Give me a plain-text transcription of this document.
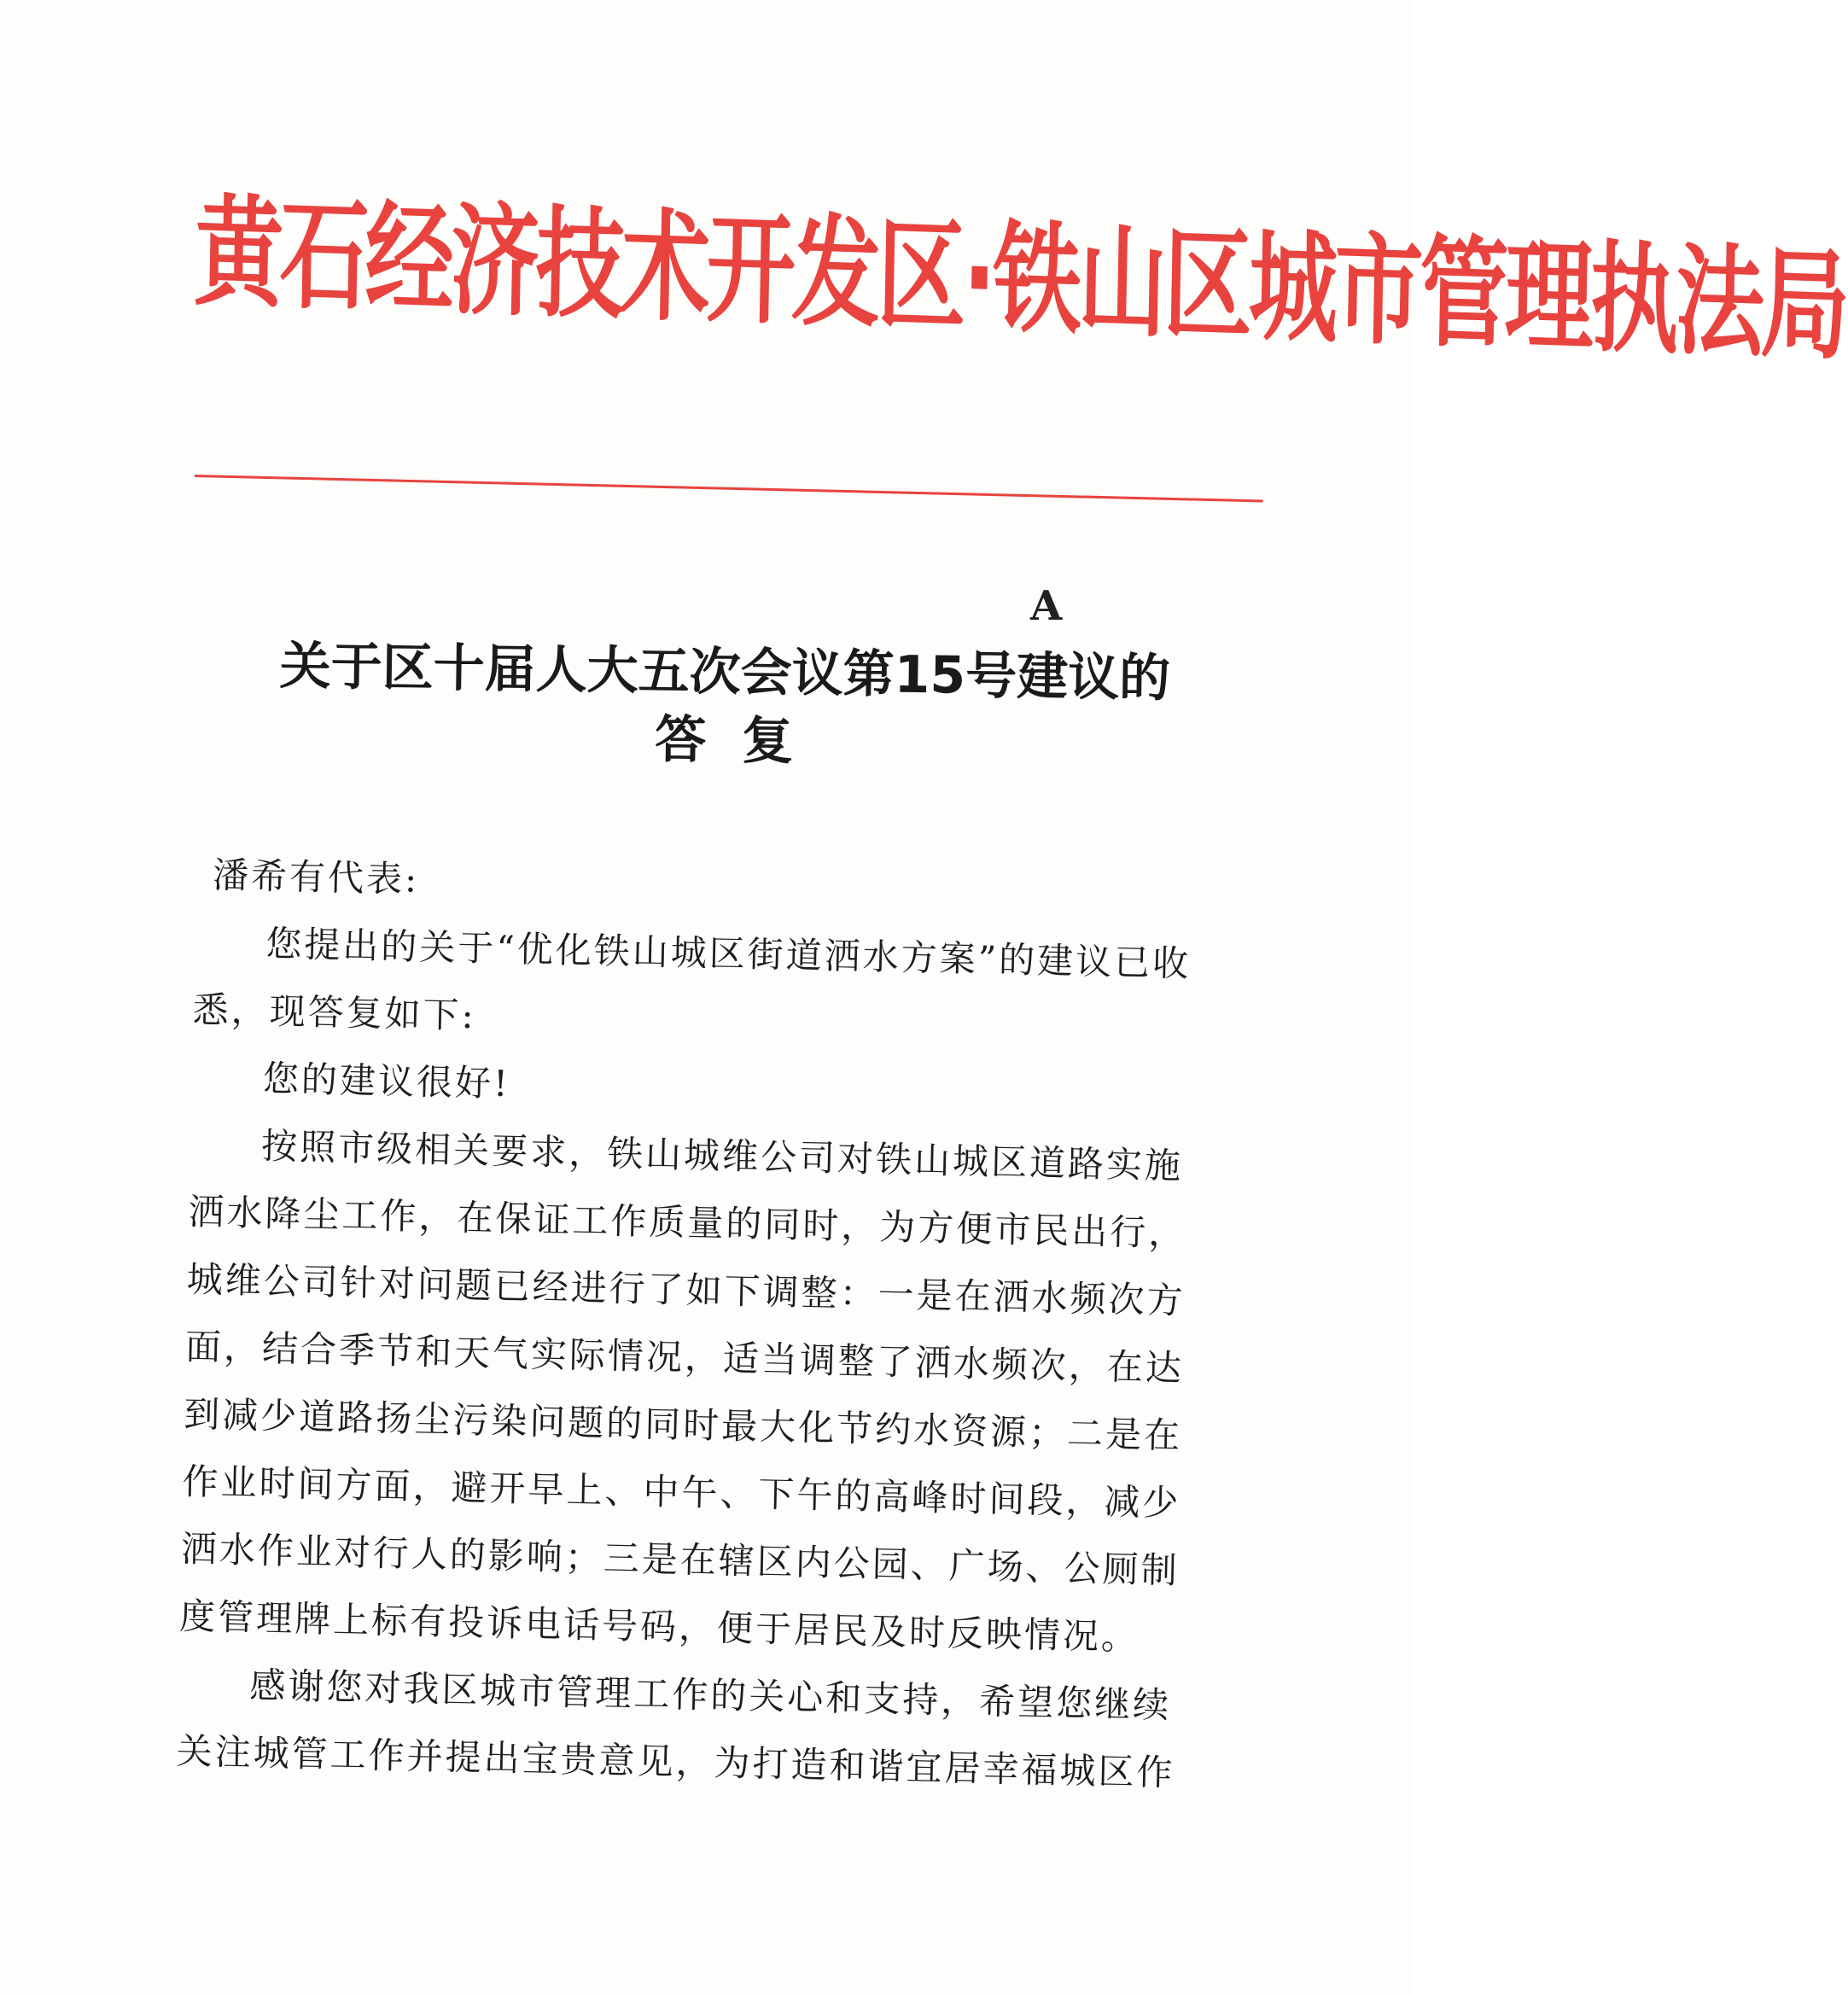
黄石经济技术开发区·铁山区城市管理执法局
A
关于区十届人大五次会议第15号建议的
答复

潘希有代表:

您提出的关于“优化铁山城区街道洒水方案”的建议已收悉，现答复如下:

您的建议很好!

按照市级相关要求，铁山城维公司对铁山城区道路实施洒水降尘工作，在保证工作质量的同时，为方便市民出行，城维公司针对问题已经进行了如下调整：一是在洒水频次方面，结合季节和天气实际情况，适当调整了洒水频次，在达到减少道路扬尘污染问题的同时最大化节约水资源；二是在作业时间方面，避开早上、中午、下午的高峰时间段，减少洒水作业对行人的影响；三是在辖区内公园、广场、公厕制度管理牌上标有投诉电话号码，便于居民及时反映情况。

感谢您对我区城市管理工作的关心和支持，希望您继续关注城管工作并提出宝贵意见，为打造和谐宜居幸福城区作
